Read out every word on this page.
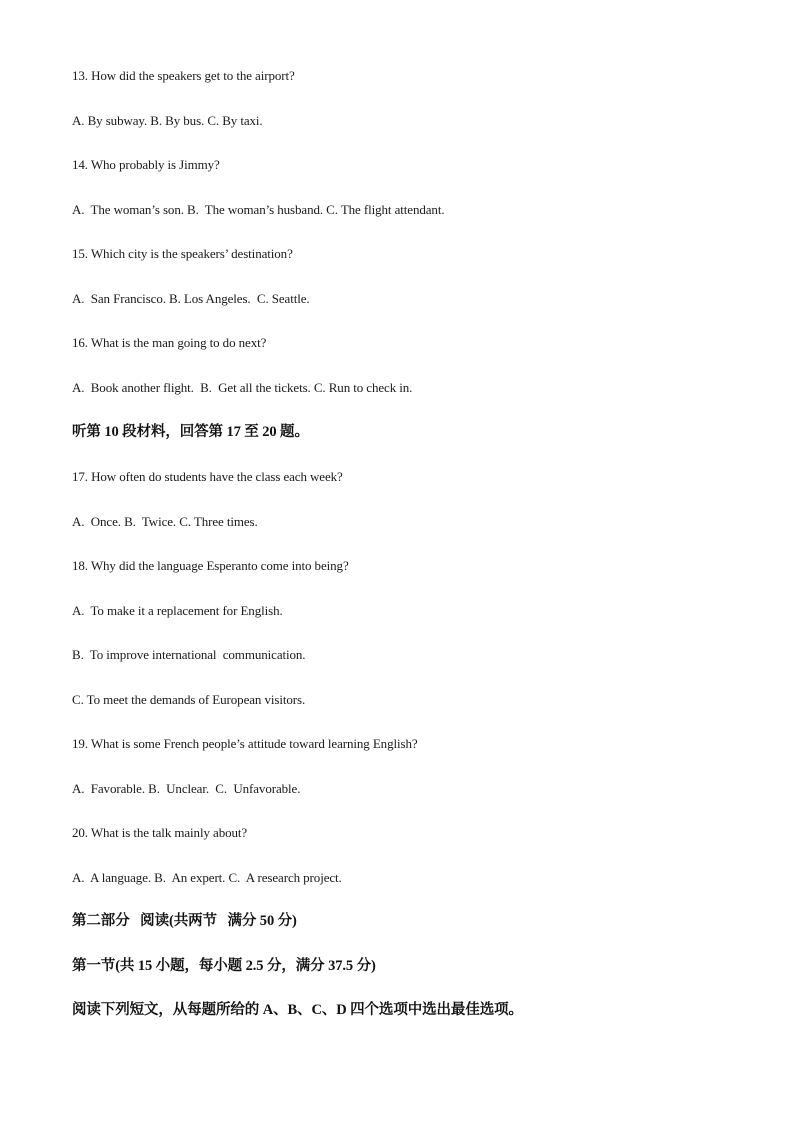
13. How did the speakers get to the airport?
A. By subway. B. By bus. C. By taxi.
14. Who probably is Jimmy?
A.  The woman’s son. B.  The woman’s husband. C. The flight attendant.
15. Which city is the speakers’ destination?
A.  San Francisco. B. Los Angeles.  C. Seattle.
16. What is the man going to do next?
A.  Book another flight.  B.  Get all the tickets. C. Run to check in.
听第 10 段材料，回答第 17 至 20 题。
17. How often do students have the class each week?
A.  Once. B.  Twice. C. Three times.
18. Why did the language Esperanto come into being?
A.  To make it a replacement for English.
B.  To improve international  communication.
C. To meet the demands of European visitors.
19. What is some French people’s attitude toward learning English?
A.  Favorable. B.  Unclear.  C.  Unfavorable.
20. What is the talk mainly about?
A.  A language. B.  An expert. C.  A research project.
第二部分   阅读(共两节   满分 50 分)
第一节(共 15 小题，每小题 2.5 分，满分 37.5 分)
阅读下列短文，从每题所给的 A、B、C、D 四个选项中选出最佳选项。
